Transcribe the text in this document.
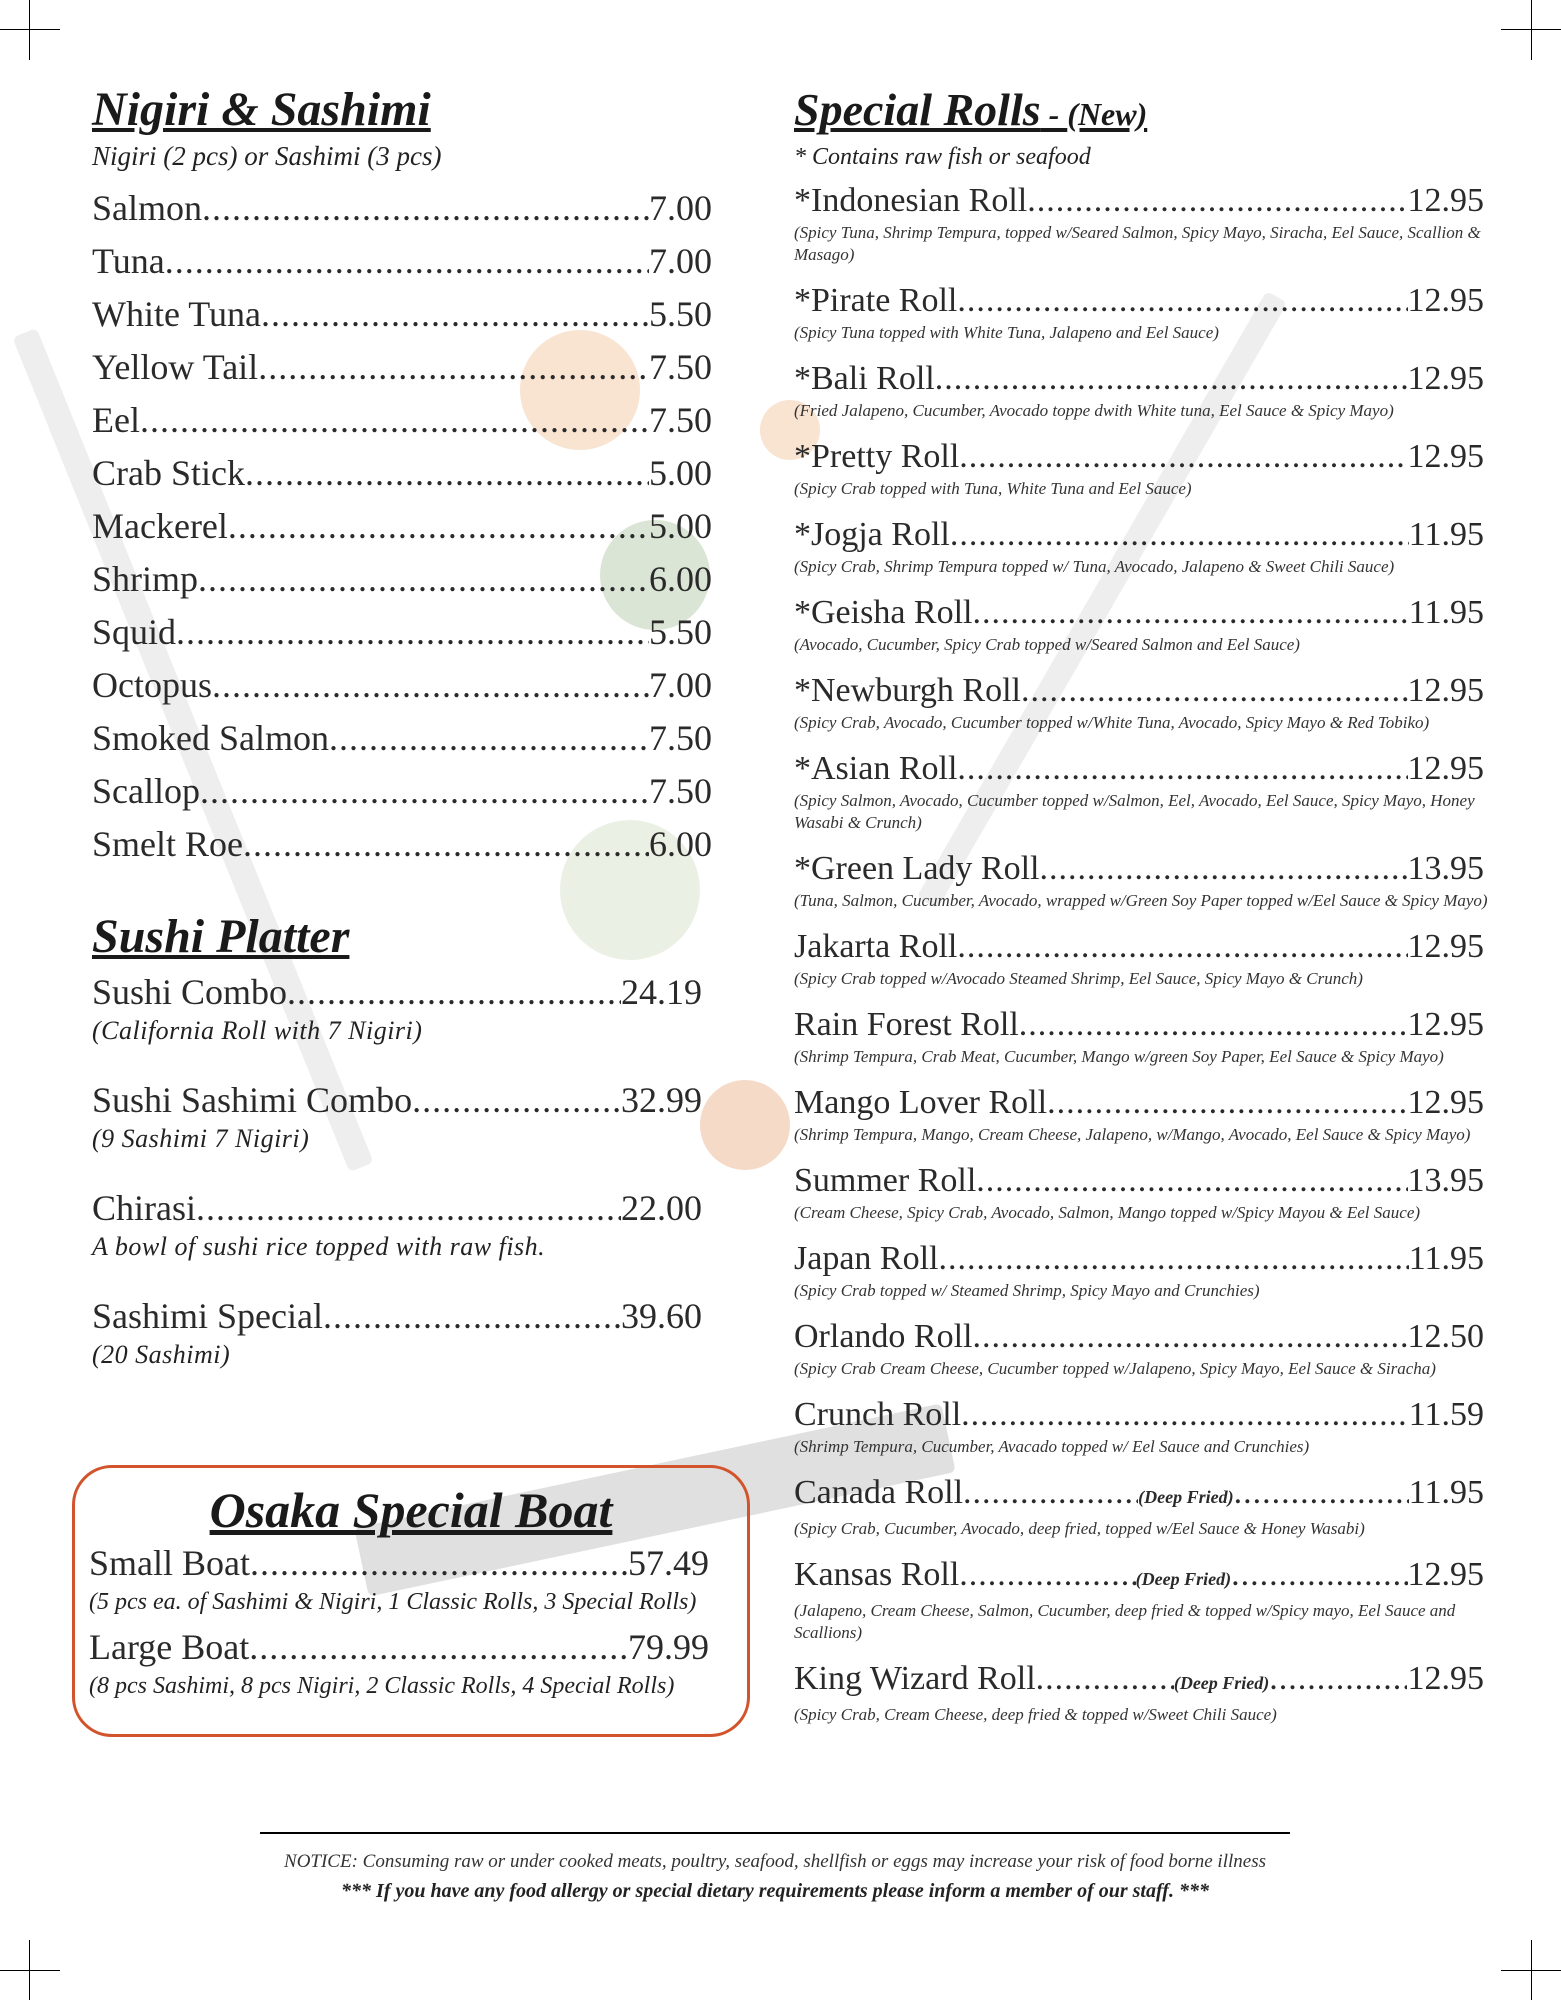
Nigiri & Sashimi
Nigiri (2 pcs) or Sashimi (3 pcs)
Salmon .....	7.00
Tuna .....	7.00
White Tuna .....	5.50
Yellow Tail .....	7.50
Eel .....	7.50
Crab Stick .....	5.00
Mackerel .....	5.00
Shrimp .....	6.00
Squid .....	5.50
Octopus .....	7.00
Smoked Salmon .....	7.50
Scallop .....	7.50
Smelt Roe .....	6.00
Sushi Platter
Sushi Combo .....	24.19
(California Roll with 7 Nigiri)
Sushi Sashimi Combo .....	32.99
(9 Sashimi 7 Nigiri)
Chirasi .....	22.00
A bowl of sushi rice topped with raw fish.
Sashimi Special .....	39.60
(20 Sashimi)
Osaka Special Boat
Small Boat .....	57.49
(5 pcs ea. of Sashimi & Nigiri, 1 Classic Rolls, 3 Special Rolls)
Large Boat .....	79.99
(8 pcs Sashimi, 8 pcs Nigiri, 2 Classic Rolls, 4 Special Rolls)
Special Rolls - (New)
* Contains raw fish or seafood
*Indonesian Roll .....	12.95
(Spicy Tuna, Shrimp Tempura, topped w/Seared Salmon, Spicy Mayo, Siracha, Eel Sauce, Scallion & Masago)
*Pirate Roll .....	12.95
(Spicy Tuna topped with White Tuna, Jalapeno and Eel Sauce)
*Bali Roll .....	12.95
(Fried Jalapeno, Cucumber, Avocado toppe dwith White tuna, Eel Sauce & Spicy Mayo)
*Pretty Roll .....	12.95
(Spicy Crab topped with Tuna, White Tuna and Eel Sauce)
*Jogja Roll .....	11.95
(Spicy Crab, Shrimp Tempura topped w/ Tuna, Avocado, Jalapeno & Sweet Chili Sauce)
*Geisha Roll .....	11.95
(Avocado, Cucumber, Spicy Crab topped w/Seared Salmon and Eel Sauce)
*Newburgh Roll .....	12.95
(Spicy Crab, Avocado, Cucumber topped w/White Tuna, Avocado, Spicy Mayo & Red Tobiko)
*Asian Roll .....	12.95
(Spicy Salmon, Avocado, Cucumber topped w/Salmon, Eel, Avocado, Eel Sauce, Spicy Mayo, Honey Wasabi & Crunch)
*Green Lady Roll .....	13.95
(Tuna, Salmon, Cucumber, Avocado, wrapped w/Green Soy Paper topped w/Eel Sauce & Spicy Mayo)
Jakarta Roll .....	12.95
(Spicy Crab topped w/Avocado Steamed Shrimp, Eel Sauce, Spicy Mayo & Crunch)
Rain Forest Roll .....	12.95
(Shrimp Tempura, Crab Meat, Cucumber, Mango w/green Soy Paper, Eel Sauce & Spicy Mayo)
Mango Lover Roll .....	12.95
(Shrimp Tempura, Mango, Cream Cheese, Jalapeno, w/Mango, Avocado, Eel Sauce & Spicy Mayo)
Summer Roll .....	13.95
(Cream Cheese, Spicy Crab, Avocado, Salmon, Mango topped w/Spicy Mayou & Eel Sauce)
Japan Roll .....	11.95
(Spicy Crab topped w/ Steamed Shrimp, Spicy Mayo and Crunchies)
Orlando Roll .....	12.50
(Spicy Crab Cream Cheese, Cucumber topped w/Jalapeno, Spicy Mayo, Eel Sauce & Siracha)
Crunch Roll .....	11.59
(Shrimp Tempura, Cucumber, Avacado topped w/ Eel Sauce and Crunchies)
Canada Roll .....	(Deep Fried) .....	11.95
(Spicy Crab, Cucumber, Avocado, deep fried, topped w/Eel Sauce & Honey Wasabi)
Kansas Roll .....	(Deep Fried) .....	12.95
(Jalapeno, Cream Cheese, Salmon, Cucumber, deep fried & topped w/Spicy mayo, Eel Sauce and Scallions)
King Wizard Roll .....	(Deep Fried) .....	12.95
(Spicy Crab, Cream Cheese, deep fried & topped w/Sweet Chili Sauce)
NOTICE: Consuming raw or under cooked meats, poultry, seafood, shellfish or eggs may increase your risk of food borne illness
*** If you have any food allergy or special dietary requirements please inform a member of our staff. ***
